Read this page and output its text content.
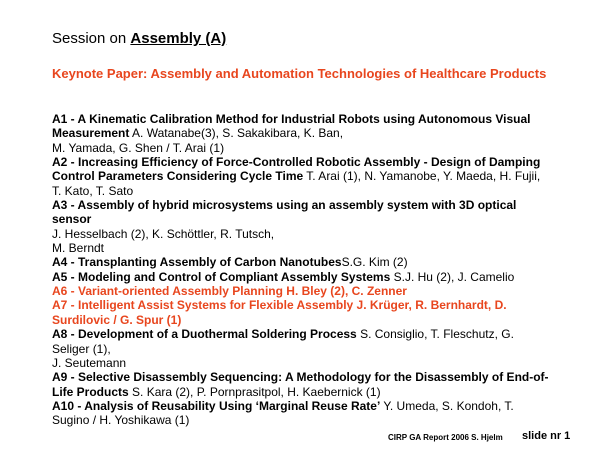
Session on Assembly (A)
Keynote Paper: Assembly and Automation Technologies of Healthcare Products

A1 - A Kinematic Calibration Method for Industrial Robots using Autonomous Visual Measurement A. Watanabe(3), S. Sakakibara, K. Ban,

M. Yamada, G. Shen / T. Arai (1)

A2 - Increasing Efficiency of Force-Controlled Robotic Assembly - Design of Damping Control Parameters Considering Cycle Time T. Arai (1), N. Yamanobe, Y. Maeda, H. Fujii,

T. Kato, T. Sato

A3 - Assembly of hybrid microsystems using an assembly system with 3D optical sensor

J. Hesselbach (2), K. Schöttler, R. Tutsch,

M. Berndt

A4 - Transplanting Assembly of Carbon NanotubesS.G. Kim (2)

A5 - Modeling and Control of Compliant Assembly Systems S.J. Hu (2), J. Camelio

A6 - Variant-oriented Assembly Planning H. Bley (2), C. Zenner

A7 - Intelligent Assist Systems for Flexible Assembly J. Krüger, R. Bernhardt, D. Surdilovic / G. Spur (1)

A8 - Development of a Duothermal Soldering Process S. Consiglio, T. Fleschutz, G. Seliger (1),

J. Seutemann

A9 - Selective Disassembly Sequencing: A Methodology for the Disassembly of End-of-Life Products S. Kara (2), P. Pornprasitpol, H. Kaebernick (1)

A10 - Analysis of Reusability Using ‘Marginal Reuse Rate’ Y. Umeda, S. Kondoh, T. Sugino / H. Yoshikawa (1)

CIRP GA Report 2006 S. Hjelm slide nr 1
